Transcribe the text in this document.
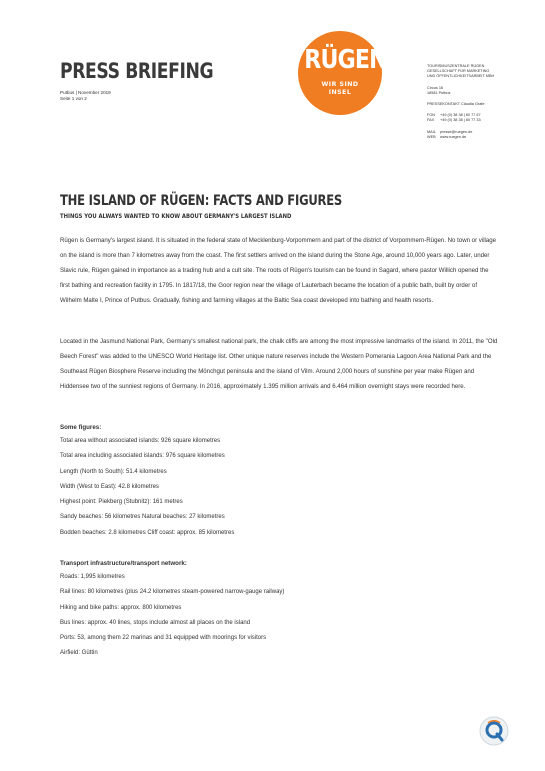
PRESS BRIEFING
Putbus | November 2019
Seite 1 von 2
RÜGEN
WIR SIND
INSEL
TOURISMUSZENTRALE RÜGEN
GESELLSCHAFT FÜR MARKETING
UND ÖFFENTLICHKEITSARBEIT MBH
Circus 16
18581 Putbus
PRESSEKONTAKT Claudia Grafe
FON +49 (0) 38 38 | 80 77 67
FAX +49 (0) 38 38 | 80 77 33
MAIL presse@ruegen.de
WEB www.ruegen.de
THE ISLAND OF RÜGEN: FACTS AND FIGURES
THINGS YOU ALWAYS WANTED TO KNOW ABOUT GERMANY'S LARGEST ISLAND
Rügen is Germany's largest island. It is situated in the federal state of Mecklenburg-Vorpommern and part of the district of Vorpommern-Rügen. No town or village on the island is more than 7 kilometres away from the coast. The first settlers arrived on the island during the Stone Age, around 10,000 years ago. Later, under Slavic rule, Rügen gained in importance as a trading hub and a cult site. The roots of Rügen's tourism can be found in Sagard, where pastor Willich opened the first bathing and recreation facility in 1795. In 1817/18, the Goor region near the village of Lauterbach became the location of a public bath, built by order of Wilhelm Malte I, Prince of Putbus. Gradually, fishing and farming villages at the Baltic Sea coast developed into bathing and health resorts.
Located in the Jasmund National Park, Germany's smallest national park, the chalk cliffs are among the most impressive landmarks of the island. In 2011, the "Old Beech Forest" was added to the UNESCO World Heritage list. Other unique nature reserves include the Western Pomerania Lagoon Area National Park and the Southeast Rügen Biosphere Reserve including the Mönchgut peninsula and the island of Vilm. Around 2,000 hours of sunshine per year make Rügen and Hiddensee two of the sunniest regions of Germany. In 2016, approximately 1.395 million arrivals and 6.464 million overnight stays were recorded here.
Some figures:
Total area without associated islands: 926 square kilometres
Total area including associated islands: 976 square kilometres
Length (North to South): 51.4 kilometres
Width (West to East): 42.8 kilometres
Highest point: Piekberg (Stubnitz): 161 metres
Sandy beaches: 56 kilometres Natural beaches: 27 kilometres
Bodden beaches: 2.8 kilometres Cliff coast: approx. 85 kilometres
Transport infrastructure/transport network:
Roads: 1,995 kilometres
Rail lines: 80 kilometres (plus 24.2 kilometres steam-powered narrow-gauge railway)
Hiking and bike paths: approx. 800 kilometres
Bus lines: approx. 40 lines, stops include almost all places on the island
Ports: 53, among them 22 marinas and 31 equipped with moorings for visitors
Airfield: Güttin
